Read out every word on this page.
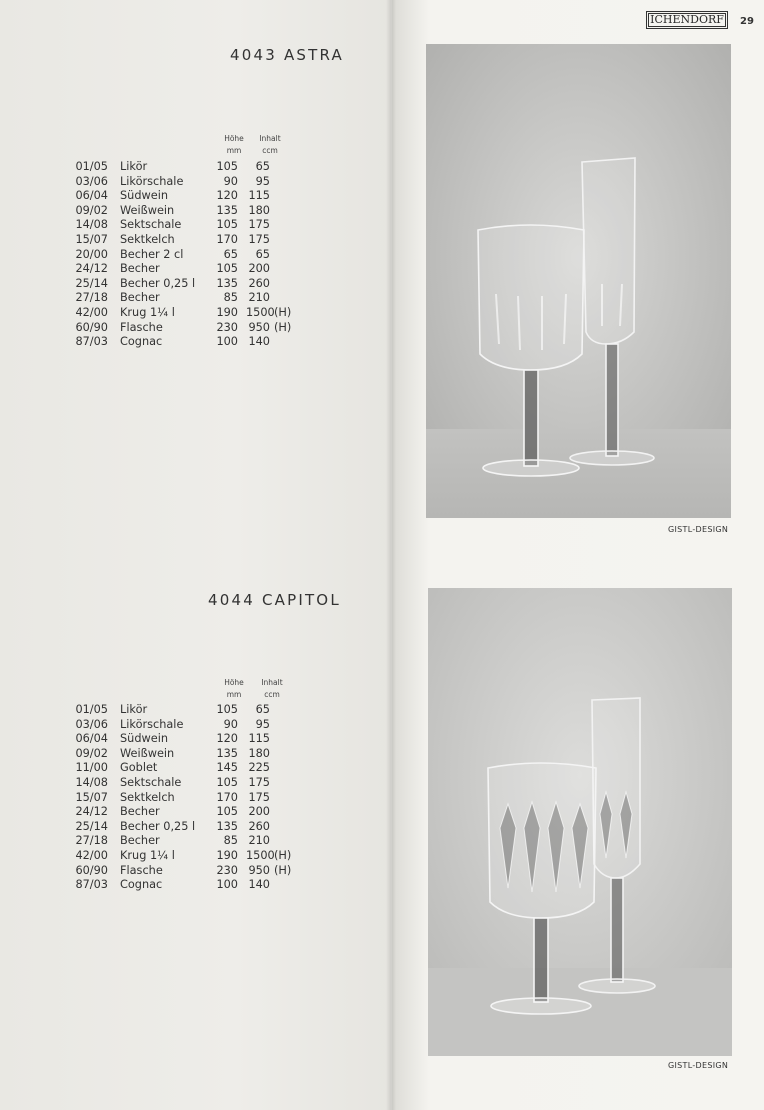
ICHENDORF 29
4043 ASTRA
Höhe
mm
Inhalt
ccm
01/05 Likör	105	65
03/06 Likörschale	90	95
06/04 Südwein	120 115
09/02 Weißwein	135 180
14/08 Sektschale	105 175
15/07 Sektkelch	170 175
20/00 Becher 2 cl	65	65
24/12 Becher	105 200
25/14 Becher 0,25 l	135 260
27/18 Becher	85 210
42/00 Krug 1¼ l	190 1500 (H)
60/90 Flasche	230 950 (H)
87/03 Cognac	100 140
GISTL-DESIGN
4044 CAPITOL
Höhe
mm
Inhalt
ccm
01/05 Likör	105	65
03/06 Likörschale	90	95
06/04 Südwein	120 115
09/02 Weißwein	135 180
11/00 Goblet	145 225
14/08 Sektschale	105 175
15/07 Sektkelch	170 175
24/12 Becher	105 200
25/14 Becher 0,25 l	135 260
27/18 Becher	85 210
42/00 Krug 1¼ l	190 1500 (H)
60/90 Flasche	230 950 (H)
87/03 Cognac	100 140
GISTL-DESIGN
